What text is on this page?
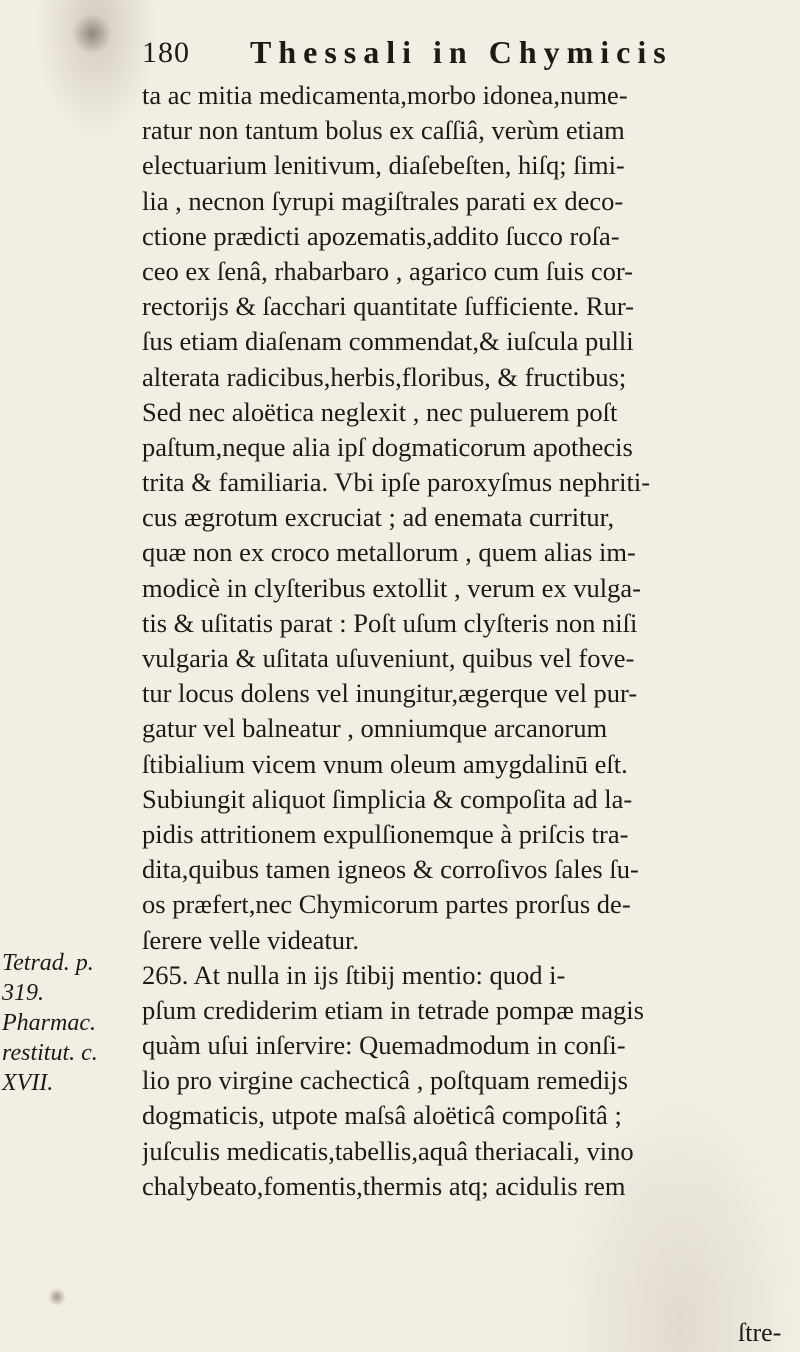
180 Thessali in Chymicis
Tetrad. p.
319.
Pharmac.
restitut. c.
XVII.
ta ac mitia medicamenta,morbo idonea,nume-
ratur non tantum bolus ex caſſiâ, verùm etiam
electuarium lenitivum, diaſebeſten, hiſq; ſimi-
lia , necnon ſyrupi magiſtrales parati ex deco-
ctione prædicti apozematis,addito ſucco roſa-
ceo ex ſenâ, rhabarbaro , agarico cum ſuis cor-
rectorijs & ſacchari quantitate ſufficiente. Rur-
ſus etiam diaſenam commendat,& iuſcula pulli
alterata radicibus,herbis,floribus, & fructibus;
Sed nec aloëtica neglexit , nec puluerem poſt
paſtum,neque alia ipſ dogmaticorum apothecis
trita & familiaria. Vbi ipſe paroxyſmus nephriti-
cus ægrotum excruciat ; ad enemata curritur,
quæ non ex croco metallorum , quem alias im-
modicè in clyſteribus extollit , verum ex vulga-
tis & uſitatis parat : Poſt uſum clyſteris non niſi
vulgaria & uſitata uſuveniunt, quibus vel fove-
tur locus dolens vel inungitur,ægerque vel pur-
gatur vel balneatur , omniumque arcanorum
ſtibialium vicem vnum oleum amygdalinū eſt.
Subiungit aliquot ſimplicia & compoſita ad la-
pidis attritionem expulſionemque à priſcis tra-
dita,quibus tamen igneos & corroſivos ſales ſu-
os præfert,nec Chymicorum partes prorſus de-
ſerere velle videatur.
265. At nulla in ijs ſtibij mentio: quod i-
pſum crediderim etiam in tetrade pompæ magis
quàm uſui inſervire: Quemadmodum in conſi-
lio pro virgine cachecticâ , poſtquam remedijs
dogmaticis, utpote maſsâ aloëticâ compoſitâ ;
juſculis medicatis,tabellis,aquâ theriacali, vino
chalybeato,fomentis,thermis atq; acidulis rem
ſtre-
